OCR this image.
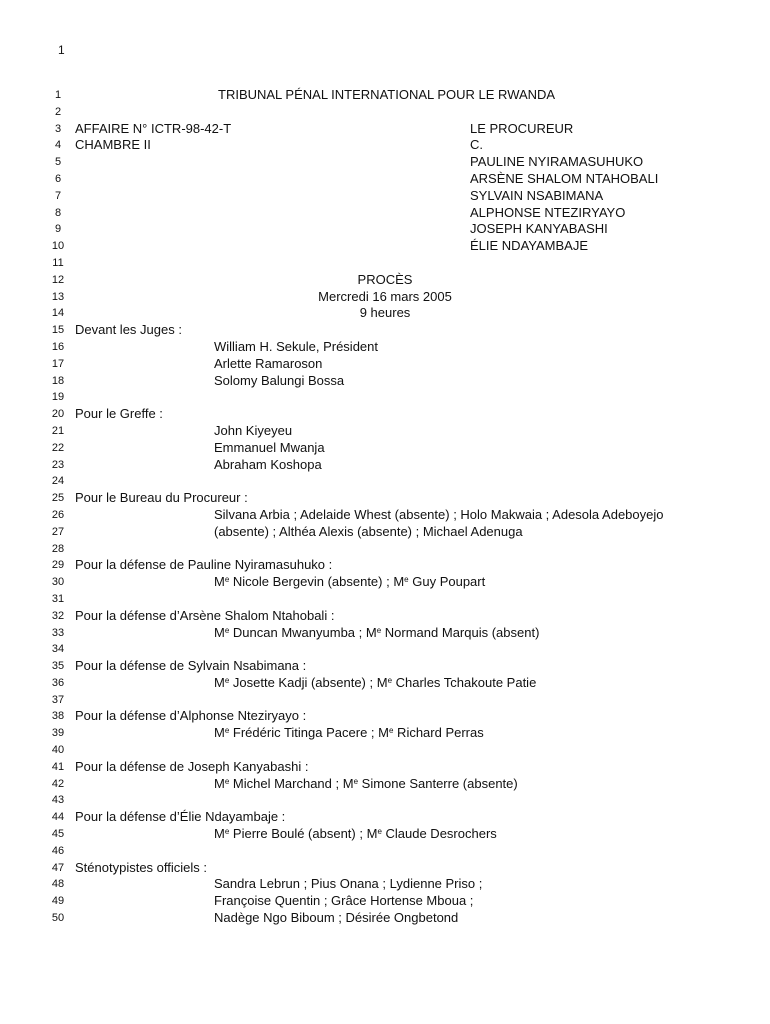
1
1	TRIBUNAL PÉNAL INTERNATIONAL POUR LE RWANDA
2
3	AFFAIRE N° ICTR-98-42-T	LE PROCUREUR
4	CHAMBRE II	C.
5	PAULINE NYIRAMASUHUKO
6	ARSÈNE SHALOM NTAHOBALI
7	SYLVAIN NSABIMANA
8	ALPHONSE NTEZIRYAYO
9	JOSEPH KANYABASHI
10	ÉLIE NDAYAMBAJE
11
12	PROCÈS
13	Mercredi 16 mars 2005
14	9 heures
15 Devant les Juges :
16	William H. Sekule, Président
17	Arlette Ramaroson
18	Solomy Balungi Bossa
19
20 Pour le Greffe :
21	John Kiyeyeu
22	Emmanuel Mwanja
23	Abraham Koshopa
24
25 Pour le Bureau du Procureur :
26	Silvana Arbia ; Adelaide Whest (absente) ; Holo Makwaia ; Adesola Adeboyejo
27	(absente) ; Althéa Alexis (absente) ; Michael Adenuga
28
29 Pour la défense de Pauline Nyiramasuhuko :
30	Me Nicole Bergevin (absente) ; Me Guy Poupart
31
32 Pour la défense d’Arsène Shalom Ntahobali :
33	Me Duncan Mwanyumba ; Me Normand Marquis (absent)
34
35 Pour la défense de Sylvain Nsabimana :
36	Me Josette Kadji (absente) ; Me Charles Tchakoute Patie
37
38 Pour la défense d’Alphonse Nteziryayo :
39	Me Frédéric Titinga Pacere ; Me Richard Perras
40
41 Pour la défense de Joseph Kanyabashi :
42	Me Michel Marchand ; Me Simone Santerre (absente)
43
44 Pour la défense d’Élie Ndayambaje :
45	Me Pierre Boulé (absent) ; Me Claude Desrochers
46
47 Sténotypistes officiels :
48	Sandra Lebrun ; Pius Onana ; Lydienne Priso ;
49	Françoise Quentin ; Grâce Hortense Mboua ;
50	Nadège Ngo Biboum ; Désirée Ongbetond
